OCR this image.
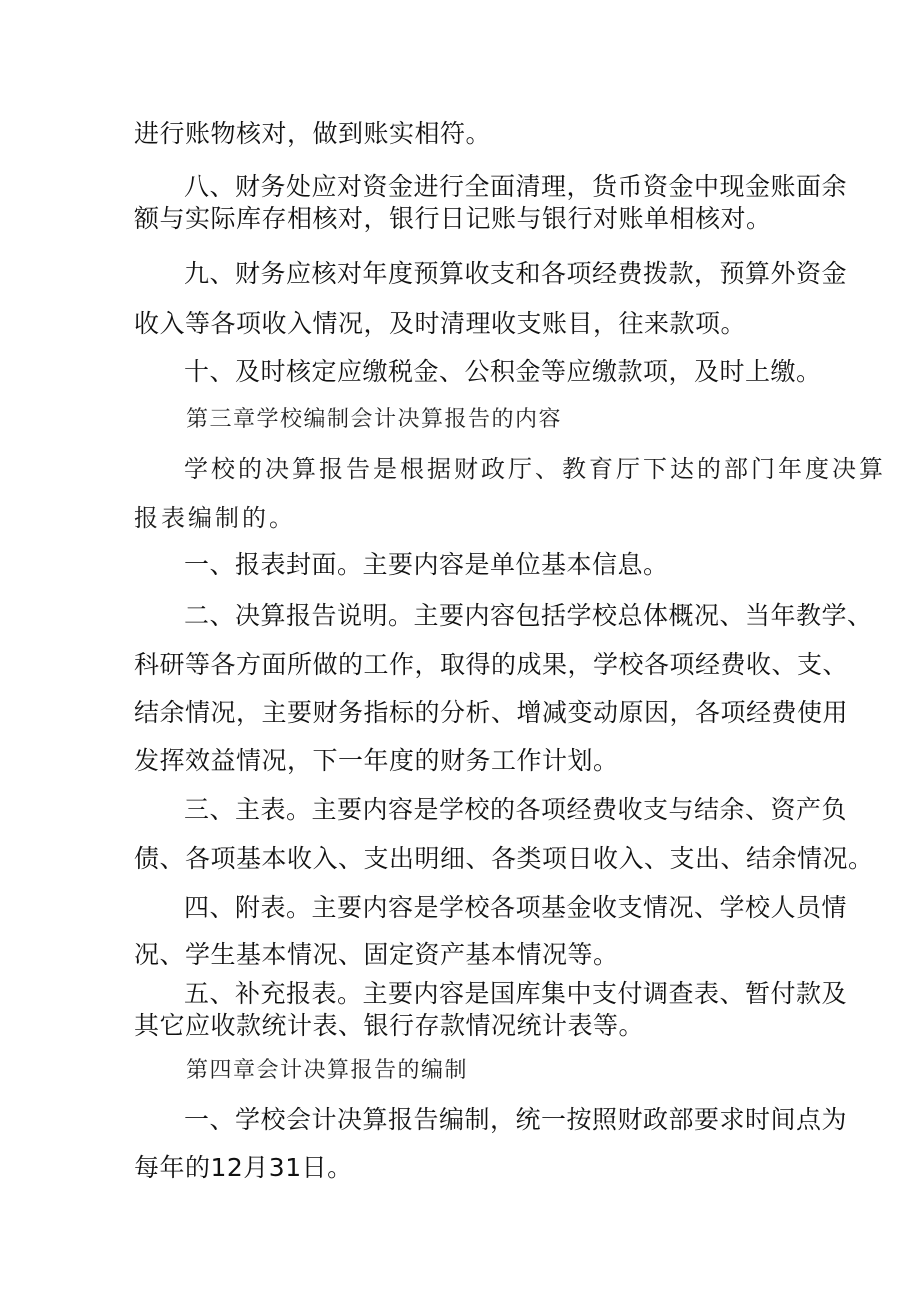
进行账物核对，做到账实相符。
八、财务处应对资金进行全面清理，货币资金中现金账面余
额与实际库存相核对，银行日记账与银行对账单相核对。
九、财务应核对年度预算收支和各项经费拨款，预算外资金
收入等各项收入情况，及时清理收支账目，往来款项。
十、及时核定应缴税金、公积金等应缴款项，及时上缴。
第三章学校编制会计决算报告的内容
学校的决算报告是根据财政厅、教育厅下达的部门年度决算
报表编制的。
一、报表封面。主要内容是单位基本信息。
二、决算报告说明。主要内容包括学校总体概况、当年教学、
科研等各方面所做的工作，取得的成果，学校各项经费收、支、
结余情况，主要财务指标的分析、增减变动原因，各项经费使用
发挥效益情况，下一年度的财务工作计划。
三、主表。主要内容是学校的各项经费收支与结余、资产负
债、各项基本收入、支出明细、各类项日收入、支出、结余情况。
四、附表。主要内容是学校各项基金收支情况、学校人员情
况、学生基本情况、固定资产基本情况等。
五、补充报表。主要内容是国库集中支付调查表、暂付款及
其它应收款统计表、银行存款情况统计表等。
第四章会计决算报告的编制
一、学校会计决算报告编制，统一按照财政部要求时间点为
每年的12月31日。
